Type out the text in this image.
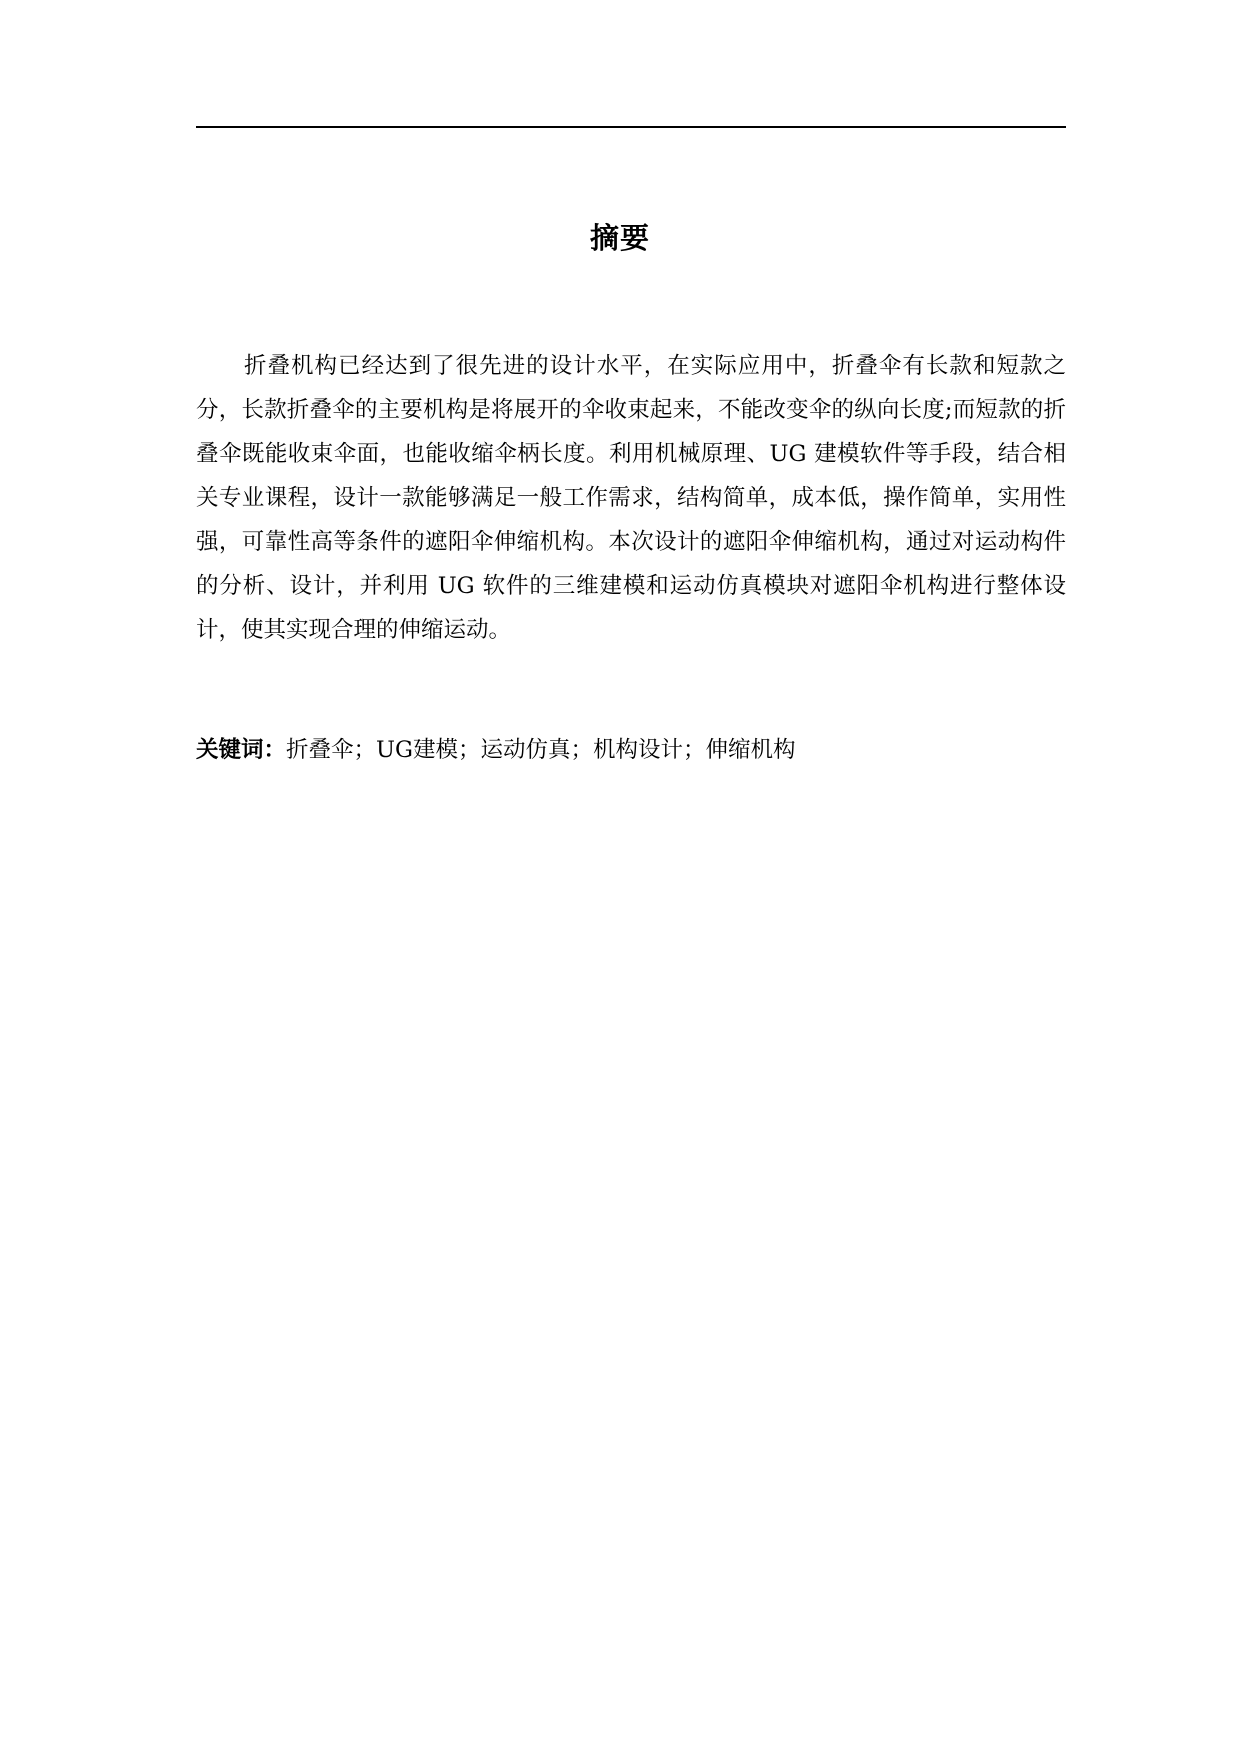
摘要

折叠机构已经达到了很先进的设计水平，在实际应用中，折叠伞有长款和短款之分，长款折叠伞的主要机构是将展开的伞收束起来，不能改变伞的纵向长度;而短款的折叠伞既能收束伞面，也能收缩伞柄长度。利用机械原理、UG 建模软件等手段，结合相关专业课程，设计一款能够满足一般工作需求，结构简单，成本低，操作简单，实用性强，可靠性高等条件的遮阳伞伸缩机构。本次设计的遮阳伞伸缩机构，通过对运动构件的分析、设计，并利用 UG 软件的三维建模和运动仿真模块对遮阳伞机构进行整体设计，使其实现合理的伸缩运动。

关键词：折叠伞；UG建模；运动仿真；机构设计；伸缩机构
